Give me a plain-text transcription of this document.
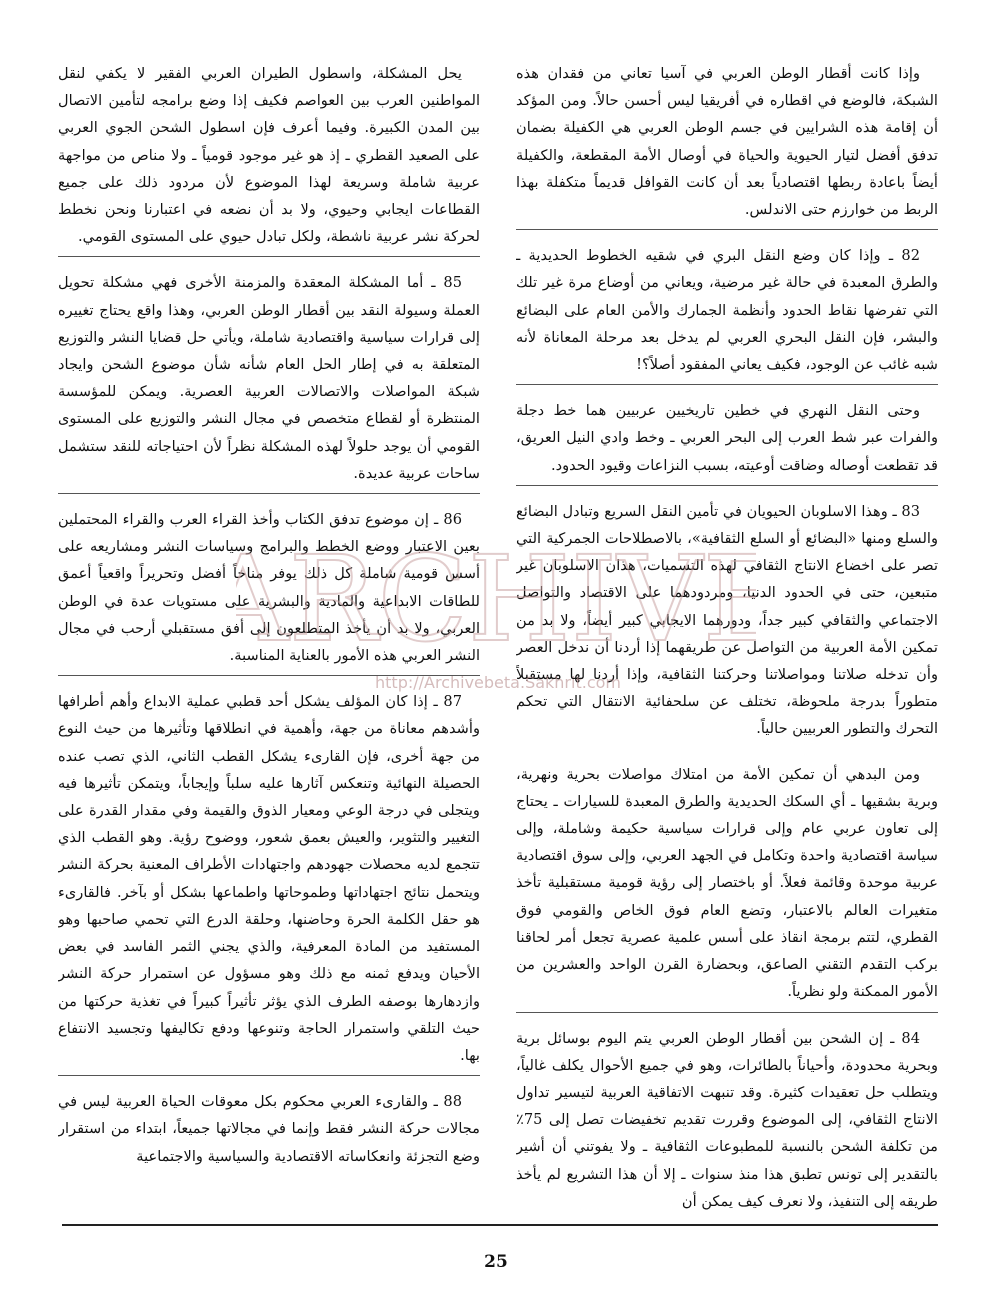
وإذا كانت أقطار الوطن العربي في آسيا تعاني من فقدان هذه الشبكة، فالوضع في اقطاره في أفريقيا ليس أحسن حالاً. ومن المؤكد أن إقامة هذه الشرايين في جسم الوطن العربي هي الكفيلة بضمان تدفق أفضل لتيار الحيوية والحياة في أوصال الأمة المقطعة، والكفيلة أيضاً باعادة ربطها اقتصادياً بعد أن كانت القوافل قديماً متكفلة بهذا الربط من خوارزم حتى الاندلس.

82 ـ وإذا كان وضع النقل البري في شقيه الخطوط الحديدية ـ والطرق المعبدة في حالة غير مرضية، ويعاني من أوضاع مرة غير تلك التي تفرضها نقاط الحدود وأنظمة الجمارك والأمن العام على البضائع والبشر، فإن النقل البحري العربي لم يدخل بعد مرحلة المعاناة لأنه شبه غائب عن الوجود، فكيف يعاني المفقود أصلاً؟!

وحتى النقل النهري في خطين تاريخيين عربيين هما خط دجلة والفرات عبر شط العرب إلى البحر العربي ـ وخط وادي النيل العريق، قد تقطعت أوصاله وضاقت أوعيته، بسبب النزاعات وقيود الحدود.

83 ـ وهذا الاسلوبان الحيويان في تأمين النقل السريع وتبادل البضائع والسلع ومنها «البضائع أو السلع الثقافية»، بالاصطلاحات الجمركية التي تصر على اخضاع الانتاج الثقافي لهذه التسميات، هذان الاسلوبان غير متبعين، حتى في الحدود الدنيا، ومردودهما على الاقتصاد والتواصل الاجتماعي والثقافي كبير جداً، ودورهما الايجابي كبير أيضاً، ولا بد من تمكين الأمة العربية من التواصل عن طريقهما إذا أردنا أن ندخل العصر وأن تدخله صلاتنا ومواصلاتنا وحركتنا الثقافية، وإذا أردنا لها مستقبلاً متطوراً بدرجة ملحوظة، تختلف عن سلحفائية الانتقال التي تحكم التحرك والتطور العربيين حالياً.

ومن البدهي أن تمكين الأمة من امتلاك مواصلات بحرية ونهرية، وبرية بشقيها ـ أي السكك الحديدية والطرق المعبدة للسيارات ـ يحتاج إلى تعاون عربي عام وإلى قرارات سياسية حكيمة وشاملة، وإلى سياسة اقتصادية واحدة وتكامل في الجهد العربي، وإلى سوق اقتصادية عربية موحدة وقائمة فعلاً. أو باختصار إلى رؤية قومية مستقبلية تأخذ متغيرات العالم بالاعتبار، وتضع العام فوق الخاص والقومي فوق القطري، لتتم برمجة انقاذ على أسس علمية عصرية تجعل أمر لحاقنا بركب التقدم التقني الصاعق، وبحضارة القرن الواحد والعشرين من الأمور الممكنة ولو نظرياً.

84 ـ إن الشحن بين أقطار الوطن العربي يتم اليوم بوسائل برية وبحرية محدودة، وأحياناً بالطائرات، وهو في جميع الأحوال يكلف غالياً، ويتطلب حل تعقيدات كثيرة. وقد تنبهت الاتفاقية العربية لتيسير تداول الانتاج الثقافي، إلى الموضوع وقررت تقديم تخفيضات تصل إلى 75٪ من تكلفة الشحن بالنسبة للمطبوعات الثقافية ـ ولا يفوتني أن أشير بالتقدير إلى تونس تطبق هذا منذ سنوات ـ إلا أن هذا التشريع لم يأخذ طريقه إلى التنفيذ، ولا نعرف كيف يمكن أن

يحل المشكلة، واسطول الطيران العربي الفقير لا يكفي لنقل المواطنين العرب بين العواصم فكيف إذا وضع برامجه لتأمين الاتصال بين المدن الكبيرة. وفيما أعرف فإن اسطول الشحن الجوي العربي على الصعيد القطري ـ إذ هو غير موجود قومياً ـ ولا مناص من مواجهة عربية شاملة وسريعة لهذا الموضوع لأن مردود ذلك على جميع القطاعات ايجابي وحيوي، ولا بد أن نضعه في اعتبارنا ونحن نخطط لحركة نشر عربية ناشطة، ولكل تبادل حيوي على المستوى القومي.

85 ـ أما المشكلة المعقدة والمزمنة الأخرى فهي مشكلة تحويل العملة وسيولة النقد بين أقطار الوطن العربي، وهذا واقع يحتاج تغييره إلى قرارات سياسية واقتصادية شاملة، ويأتي حل قضايا النشر والتوزيع المتعلقة به في إطار الحل العام شأنه شأن موضوع الشحن وايجاد شبكة المواصلات والاتصالات العربية العصرية. ويمكن للمؤسسة المنتظرة أو لقطاع متخصص في مجال النشر والتوزيع على المستوى القومي أن يوجد حلولاً لهذه المشكلة نظراً لأن احتياجاته للنقد ستشمل ساحات عربية عديدة.

86 ـ إن موضوع تدفق الكتاب وأخذ القراء العرب والقراء المحتملين بعين الاعتبار ووضع الخطط والبرامج وسياسات النشر ومشاريعه على أسس قومية شاملة كل ذلك يوفر مناخاً أفضل وتحريراً واقعياً أعمق للطاقات الابداعية والمادية والبشرية على مستويات عدة في الوطن العربي، ولا بد أن يأخذ المتطلعون إلى أفق مستقبلي أرحب في مجال النشر العربي هذه الأمور بالعناية المناسبة.

87 ـ إذا كان المؤلف يشكل أحد قطبي عملية الابداع وأهم أطرافها وأشدهم معاناة من جهة، وأهمية في انطلاقها وتأثيرها من حيث النوع من جهة أخرى، فإن القارىء يشكل القطب الثاني، الذي تصب عنده الحصيلة النهائية وتنعكس آثارها عليه سلباً وإيجاباً، ويتمكن تأثيرها فيه ويتجلى في درجة الوعي ومعيار الذوق والقيمة وفي مقدار القدرة على التغيير والتثوير، والعيش بعمق شعور، ووضوح رؤية. وهو القطب الذي تتجمع لديه محصلات جهودهم واجتهادات الأطراف المعنية بحركة النشر ويتحمل نتائج اجتهاداتها وطموحاتها واطماعها بشكل أو بآخر. فالقارىء هو حقل الكلمة الحرة وحاضنها، وحلقة الدرع التي تحمي صاحبها وهو المستفيد من المادة المعرفية، والذي يجني الثمر الفاسد في بعض الأحيان ويدفع ثمنه مع ذلك وهو مسؤول عن استمرار حركة النشر وازدهارها بوصفه الطرف الذي يؤثر تأثيراً كبيراً في تغذية حركتها من حيث التلقي واستمرار الحاجة وتنوعها ودفع تكاليفها وتجسيد الانتفاع بها.

88 ـ والقارىء العربي محكوم بكل معوقات الحياة العربية ليس في مجالات حركة النشر فقط وإنما في مجالاتها جميعاً، ابتداء من استقرار وضع التجزئة وانعكاساته الاقتصادية والسياسية والاجتماعية

ARCHIVE
http://Archivebeta.Sakhrit.com
25
